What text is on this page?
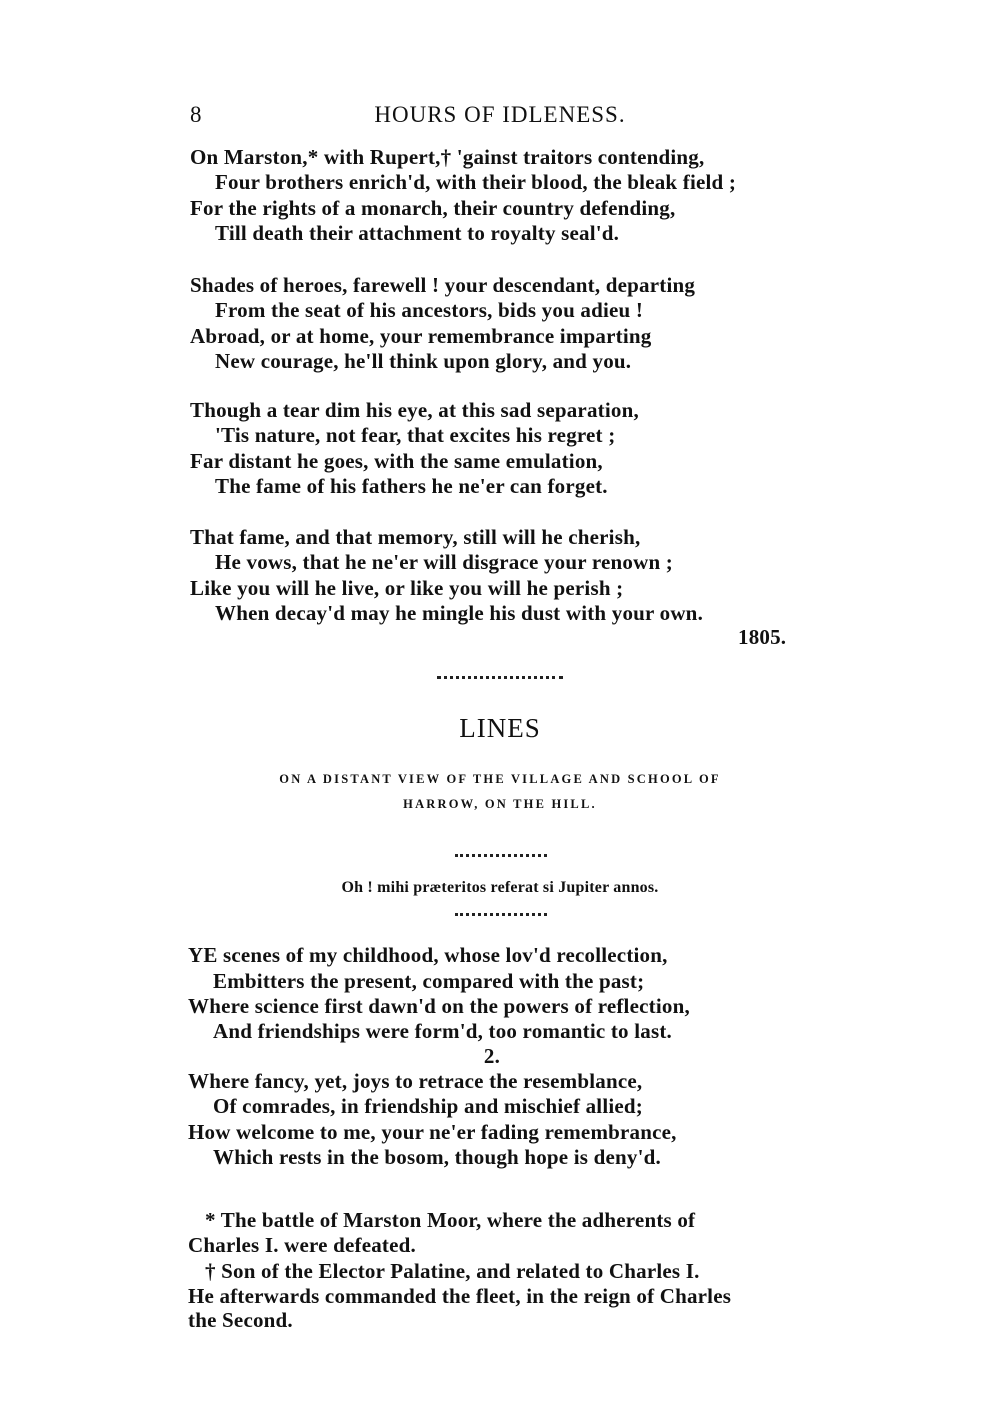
8	HOURS OF IDLENESS.
1805.
LINES
ON A DISTANT VIEW OF THE VILLAGE AND SCHOOL OF
HARROW, ON THE HILL.
Oh ! mihi præteritos referat si Jupiter annos.
2.
On Marston,* with Rupert,† 'gainst traitors contending,
Four brothers enrich'd, with their blood, the bleak field ;
For the rights of a monarch, their country defending,
Till death their attachment to royalty seal'd.
Shades of heroes, farewell ! your descendant, departing
From the seat of his ancestors, bids you adieu !
Abroad, or at home, your remembrance imparting
New courage, he'll think upon glory, and you.
Though a tear dim his eye, at this sad separation,
'Tis nature, not fear, that excites his regret ;
Far distant he goes, with the same emulation,
The fame of his fathers he ne'er can forget.
That fame, and that memory, still will he cherish,
He vows, that he ne'er will disgrace your renown ;
Like you will he live, or like you will he perish ;
When decay'd may he mingle his dust with your own.
YE scenes of my childhood, whose lov'd recollection,
Embitters the present, compared with the past;
Where science first dawn'd on the powers of reflection,
And friendships were form'd, too romantic to last.
Where fancy, yet, joys to retrace the resemblance,
Of comrades, in friendship and mischief allied;
How welcome to me, your ne'er fading remembrance,
Which rests in the bosom, though hope is deny'd.
* The battle of Marston Moor, where the adherents of
Charles I. were defeated.
† Son of the Elector Palatine, and related to Charles I.
He afterwards commanded the fleet, in the reign of Charles
the Second.
